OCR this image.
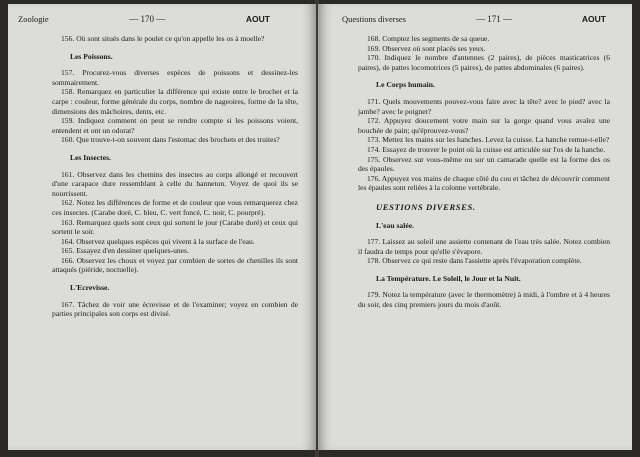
Zoologie	— 170 —	AOUT

156. Où sont situés dans le poulet ce qu'on appelle les os à moelle?

Les Poissons.

157. Procurez-vous diverses espèces de poissons et dessinez-les sommairement.

158. Remarquez en particulier la différence qui existe entre le brochet et la carpe : couleur, forme générale du corps, nombre de nageoires, forme de la tête, dimensions des mâchoires, dents, etc.

159. Indiquez comment on peut se rendre compte si les poissons voient, entendent et ont un odorat?

160. Que trouve-t-on souvent dans l'estomac des brochets et des truites?

Les Insectes.

161. Observez dans les chemins des insectes au corps allongé et recouvert d'une carapace dure ressemblant à celle du hanneton. Voyez de quoi ils se nourrissent.

162. Notez les différences de forme et de couleur que vous remarquerez chez ces insectes. (Carabe doré, C. bleu, C. vert foncé, C. noir, C. pourpré).

163. Remarquez quels sont ceux qui sortent le jour (Carabe doré) et ceux qui sortent le soir.

164. Observez quelques espèces qui vivent à la surface de l'eau.

165. Essayez d'en dessiner quelques-unes.

166. Observez les choux et voyez par combien de sortes de chenilles ils sont attaqués (piéride, noctuelle).

L'Ecrevisse.

167. Tâchez de voir une écrevisse et de l'examiner; voyez en combien de parties principales son corps est divisé.

Questions diverses	— 171 —	AOUT

168. Comptez les segments de sa queue.

169. Observez où sont placés ses yeux.

170. Indiquez le nombre d'antennes (2 paires), de pièces masticatrices (6 paires), de pattes locomotrices (5 paires), de pattes abdominales (6 paires).

Le Corps humain.

171. Quels mouvements pouvez-vous faire avec la tête? avec le pied? avec la jambe? avec le poignet?

172. Appuyez doucement votre main sur la gorge quand vous avalez une bouchée de pain; qu'éprouvez-vous?

173. Mettez les mains sur les hanches. Levez la cuisse. La hanche remue-t-elle?

174. Essayez de trouver le point où la cuisse est articulée sur l'os de la hanche.

175. Observez sur vous-même ou sur un camarade quelle est la forme des os des épaules.

176. Appuyez vos mains de chaque côté du cou et tâchez de découvrir comment les épaules sont reliées à la colonne vertébrale.

UESTIONS DIVERSES.
L'eau salée.

177. Laissez au soleil une assiette contenant de l'eau très salée. Notez combien il faudra de temps pour qu'elle s'évapore.

178. Observez ce qui reste dans l'assiette après l'évaporation complète.

La Température. Le Soleil, le Jour et la Nuit.

179. Notez la température (avec le thermomètre) à midi, à l'ombre et à 4 heures du soir, des cinq premiers jours du mois d'août.
